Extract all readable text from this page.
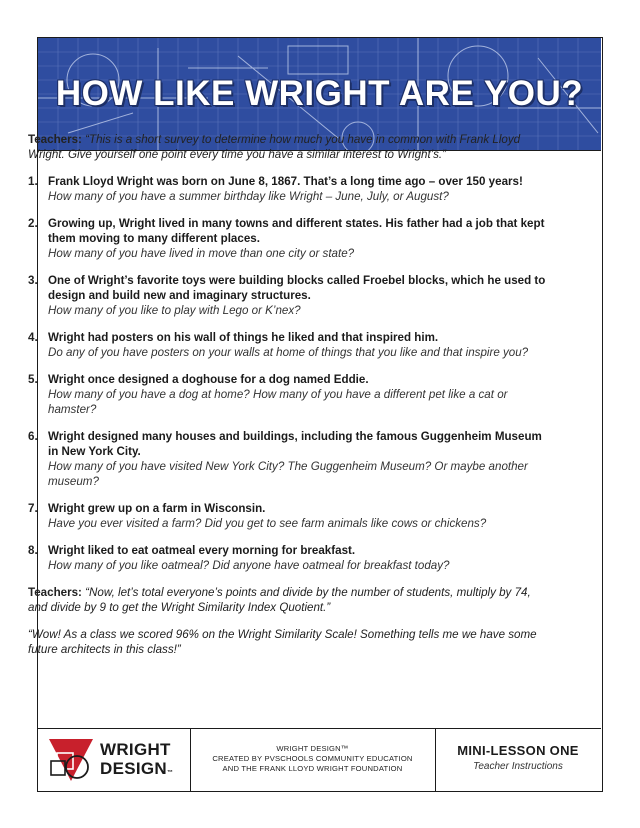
HOW LIKE WRIGHT ARE YOU?
WRIGHT
DESIGN™
WRIGHT DESIGN™
CREATED BY PVSCHOOLS COMMUNITY EDUCATION
AND THE FRANK LLOYD WRIGHT FOUNDATION
MINI-LESSON ONE
Teacher Instructions

Teachers: “This is a short survey to determine how much you have in common with Frank Lloyd Wright. Give yourself one point every time you have a similar interest to Wright’s.”

1. Frank Lloyd Wright was born on June 8, 1867. That’s a long time ago – over 150 years!
How many of you have a summer birthday like Wright – June, July, or August?
2. Growing up, Wright lived in many towns and different states. His father had a job that kept them moving to many different places.
How many of you have lived in move than one city or state?
3. One of Wright’s favorite toys were building blocks called Froebel blocks, which he used to design and build new and imaginary structures.
How many of you like to play with Lego or K’nex?
4. Wright had posters on his wall of things he liked and that inspired him.
Do any of you have posters on your walls at home of things that you like and that inspire you?
5. Wright once designed a doghouse for a dog named Eddie.
How many of you have a dog at home? How many of you have a different pet like a cat or hamster?
6. Wright designed many houses and buildings, including the famous Guggenheim Museum in New York City.
How many of you have visited New York City? The Guggenheim Museum? Or maybe another museum?
7. Wright grew up on a farm in Wisconsin.
Have you ever visited a farm? Did you get to see farm animals like cows or chickens?
8. Wright liked to eat oatmeal every morning for breakfast.
How many of you like oatmeal? Did anyone have oatmeal for breakfast today?

Teachers: “Now, let’s total everyone’s points and divide by the number of students, multiply by 74, and divide by 9 to get the Wright Similarity Index Quotient.”

“Wow! As a class we scored 96% on the Wright Similarity Scale! Something tells me we have some future architects in this class!”
